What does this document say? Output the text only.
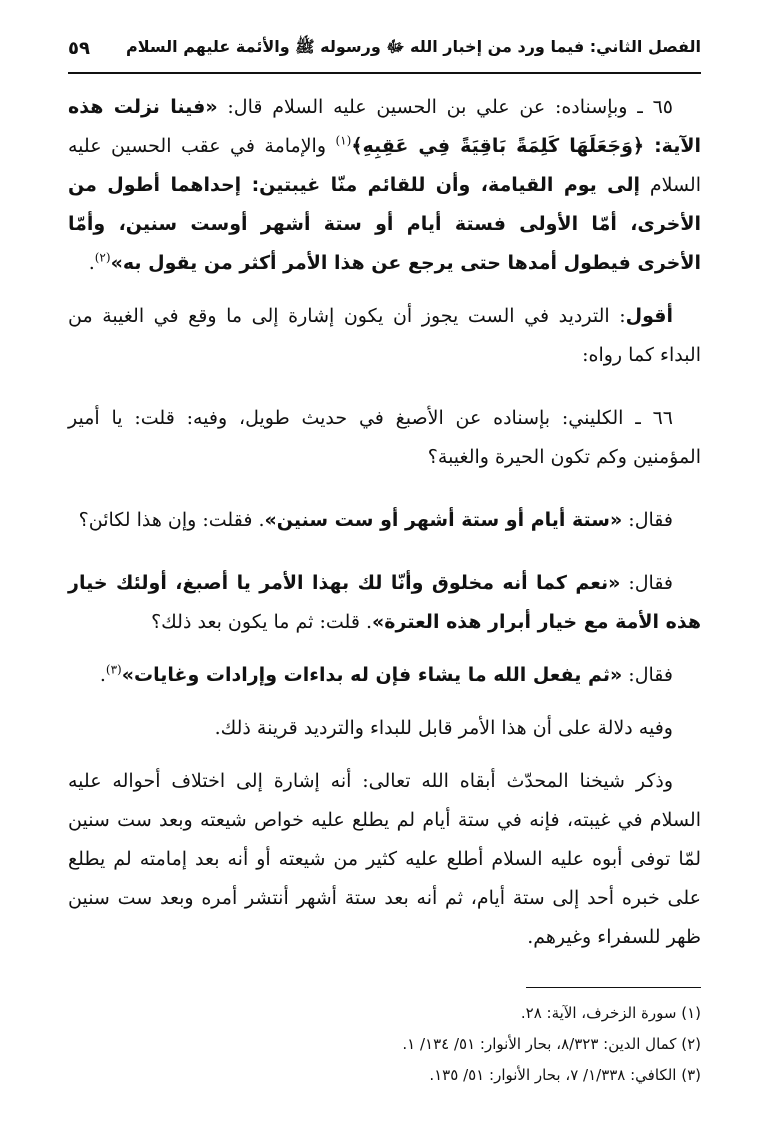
الفصل الثاني: فيما ورد من إخبار الله ﷻ ورسوله ﷺ والأئمة عليهم السلام
٥٩

٦٥ ـ وبإسناده: عن علي بن الحسين عليه السلام قال: «فينا نزلت هذه الآية: ﴿وَجَعَلَهَا كَلِمَةً بَاقِيَةً فِي عَقِبِهِ﴾$^{(١)}$ والإمامة في عقب الحسين عليه السلام إلى يوم القيامة، وأن للقائم منّا غيبتين: إحداهما أطول من الأخرى، أمّا الأولى فستة أيام أو ستة أشهر أوست سنين، وأمّا الأخرى فيطول أمدها حتى يرجع عن هذا الأمر أكثر من يقول به»$^{(٢)}$.

أقول: الترديد في الست يجوز أن يكون إشارة إلى ما وقع في الغيبة من البداء كما رواه:

٦٦ ـ الكليني: بإسناده عن الأصبغ في حديث طويل، وفيه: قلت: يا أمير المؤمنين وكم تكون الحيرة والغيبة؟

فقال: «ستة أيام أو ستة أشهر أو ست سنين». فقلت: وإن هذا لكائن؟

فقال: «نعم كما أنه مخلوق وأنّا لك بهذا الأمر يا أصبغ، أولئك خيار هذه الأمة مع خيار أبرار هذه العترة». قلت: ثم ما يكون بعد ذلك؟

فقال: «ثم يفعل الله ما يشاء فإن له بداءات وإرادات وغايات»$^{(٣)}$.

وفيه دلالة على أن هذا الأمر قابل للبداء والترديد قرينة ذلك.

وذكر شيخنا المحدّث أبقاه الله تعالى: أنه إشارة إلى اختلاف أحواله عليه السلام في غيبته، فإنه في ستة أيام لم يطلع عليه خواص شيعته وبعد ست سنين لمّا توفى أبوه عليه السلام أطلع عليه كثير من شيعته أو أنه بعد إمامته لم يطلع على خبره أحد إلى ستة أيام، ثم أنه بعد ستة أشهر أنتشر أمره وبعد ست سنين ظهر للسفراء وغيرهم.

(١) سورة الزخرف، الآية: ٢٨.
(٢) كمال الدين: ٨/٣٢٣، بحار الأنوار: ٥١/ ١٣٤/ ١.
(٣) الكافي: ١/٣٣٨/ ٧، بحار الأنوار: ٥١/ ١٣٥.
